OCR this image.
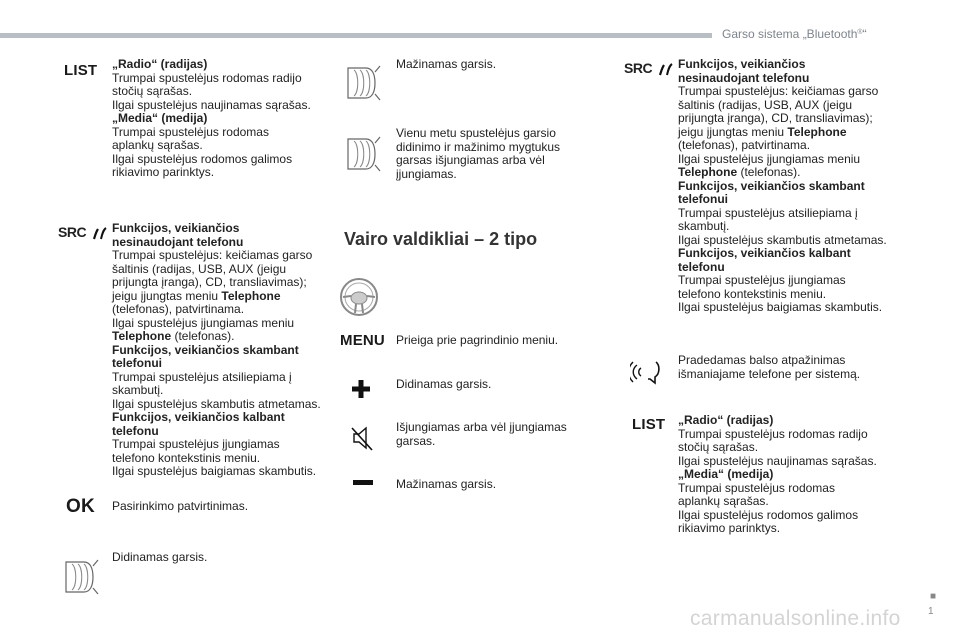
Garso sistema „Bluetooth®“
LIST „Radio“ (radijas)
Trumpai spustelėjus rodomas radijo stočių sąrašas.
Ilgai spustelėjus naujinamas sąrašas.
„Media“ (medija)
Trumpai spustelėjus rodomas aplankų sąrašas.
Ilgai spustelėjus rodomos galimos rikiavimo parinktys.
SRC Funkcijos, veikiančios nesinaudojant telefonu
Trumpai spustelėjus: keičiamas garso šaltinis (radijas, USB, AUX (jeigu prijungta įranga), CD, transliavimas); jeigu įjungtas meniu Telephone (telefonas), patvirtinama.
Ilgai spustelėjus įjungiamas meniu Telephone (telefonas).
Funkcijos, veikiančios skambant telefonui
Trumpai spustelėjus atsiliepiama į skambutį.
Ilgai spustelėjus skambutis atmetamas.
Funkcijos, veikiančios kalbant telefonu
Trumpai spustelėjus įjungiamas telefono kontekstinis meniu.
Ilgai spustelėjus baigiamas skambutis.
OK Pasirinkimo patvirtinimas.
Didinamas garsis.
Mažinamas garsis.
Vienu metu spustelėjus garsio didinimo ir mažinimo mygtukus garsas išjungiamas arba vėl įjungiamas.
Vairo valdikliai – 2 tipo
MENU Prieiga prie pagrindinio meniu.
Didinamas garsis.
Išjungiamas arba vėl įjungiamas garsas.
Mažinamas garsis.
SRC Funkcijos, veikiančios nesinaudojant telefonu
Trumpai spustelėjus: keičiamas garso šaltinis (radijas, USB, AUX (jeigu prijungta įranga), CD, transliavimas); jeigu įjungtas meniu Telephone (telefonas), patvirtinama.
Ilgai spustelėjus įjungiamas meniu Telephone (telefonas).
Funkcijos, veikiančios skambant telefonui
Trumpai spustelėjus atsiliepiama į skambutį.
Ilgai spustelėjus skambutis atmetamas.
Funkcijos, veikiančios kalbant telefonu
Trumpai spustelėjus įjungiamas telefono kontekstinis meniu.
Ilgai spustelėjus baigiamas skambutis.
Pradedamas balso atpažinimas išmaniajame telefone per sistemą.
LIST „Radio“ (radijas)
Trumpai spustelėjus rodomas radijo stočių sąrašas.
Ilgai spustelėjus naujinamas sąrašas.
„Media“ (medija)
Trumpai spustelėjus rodomas aplankų sąrašas.
Ilgai spustelėjus rodomos galimos rikiavimo parinktys.
■
1
carmanualsonline.info
